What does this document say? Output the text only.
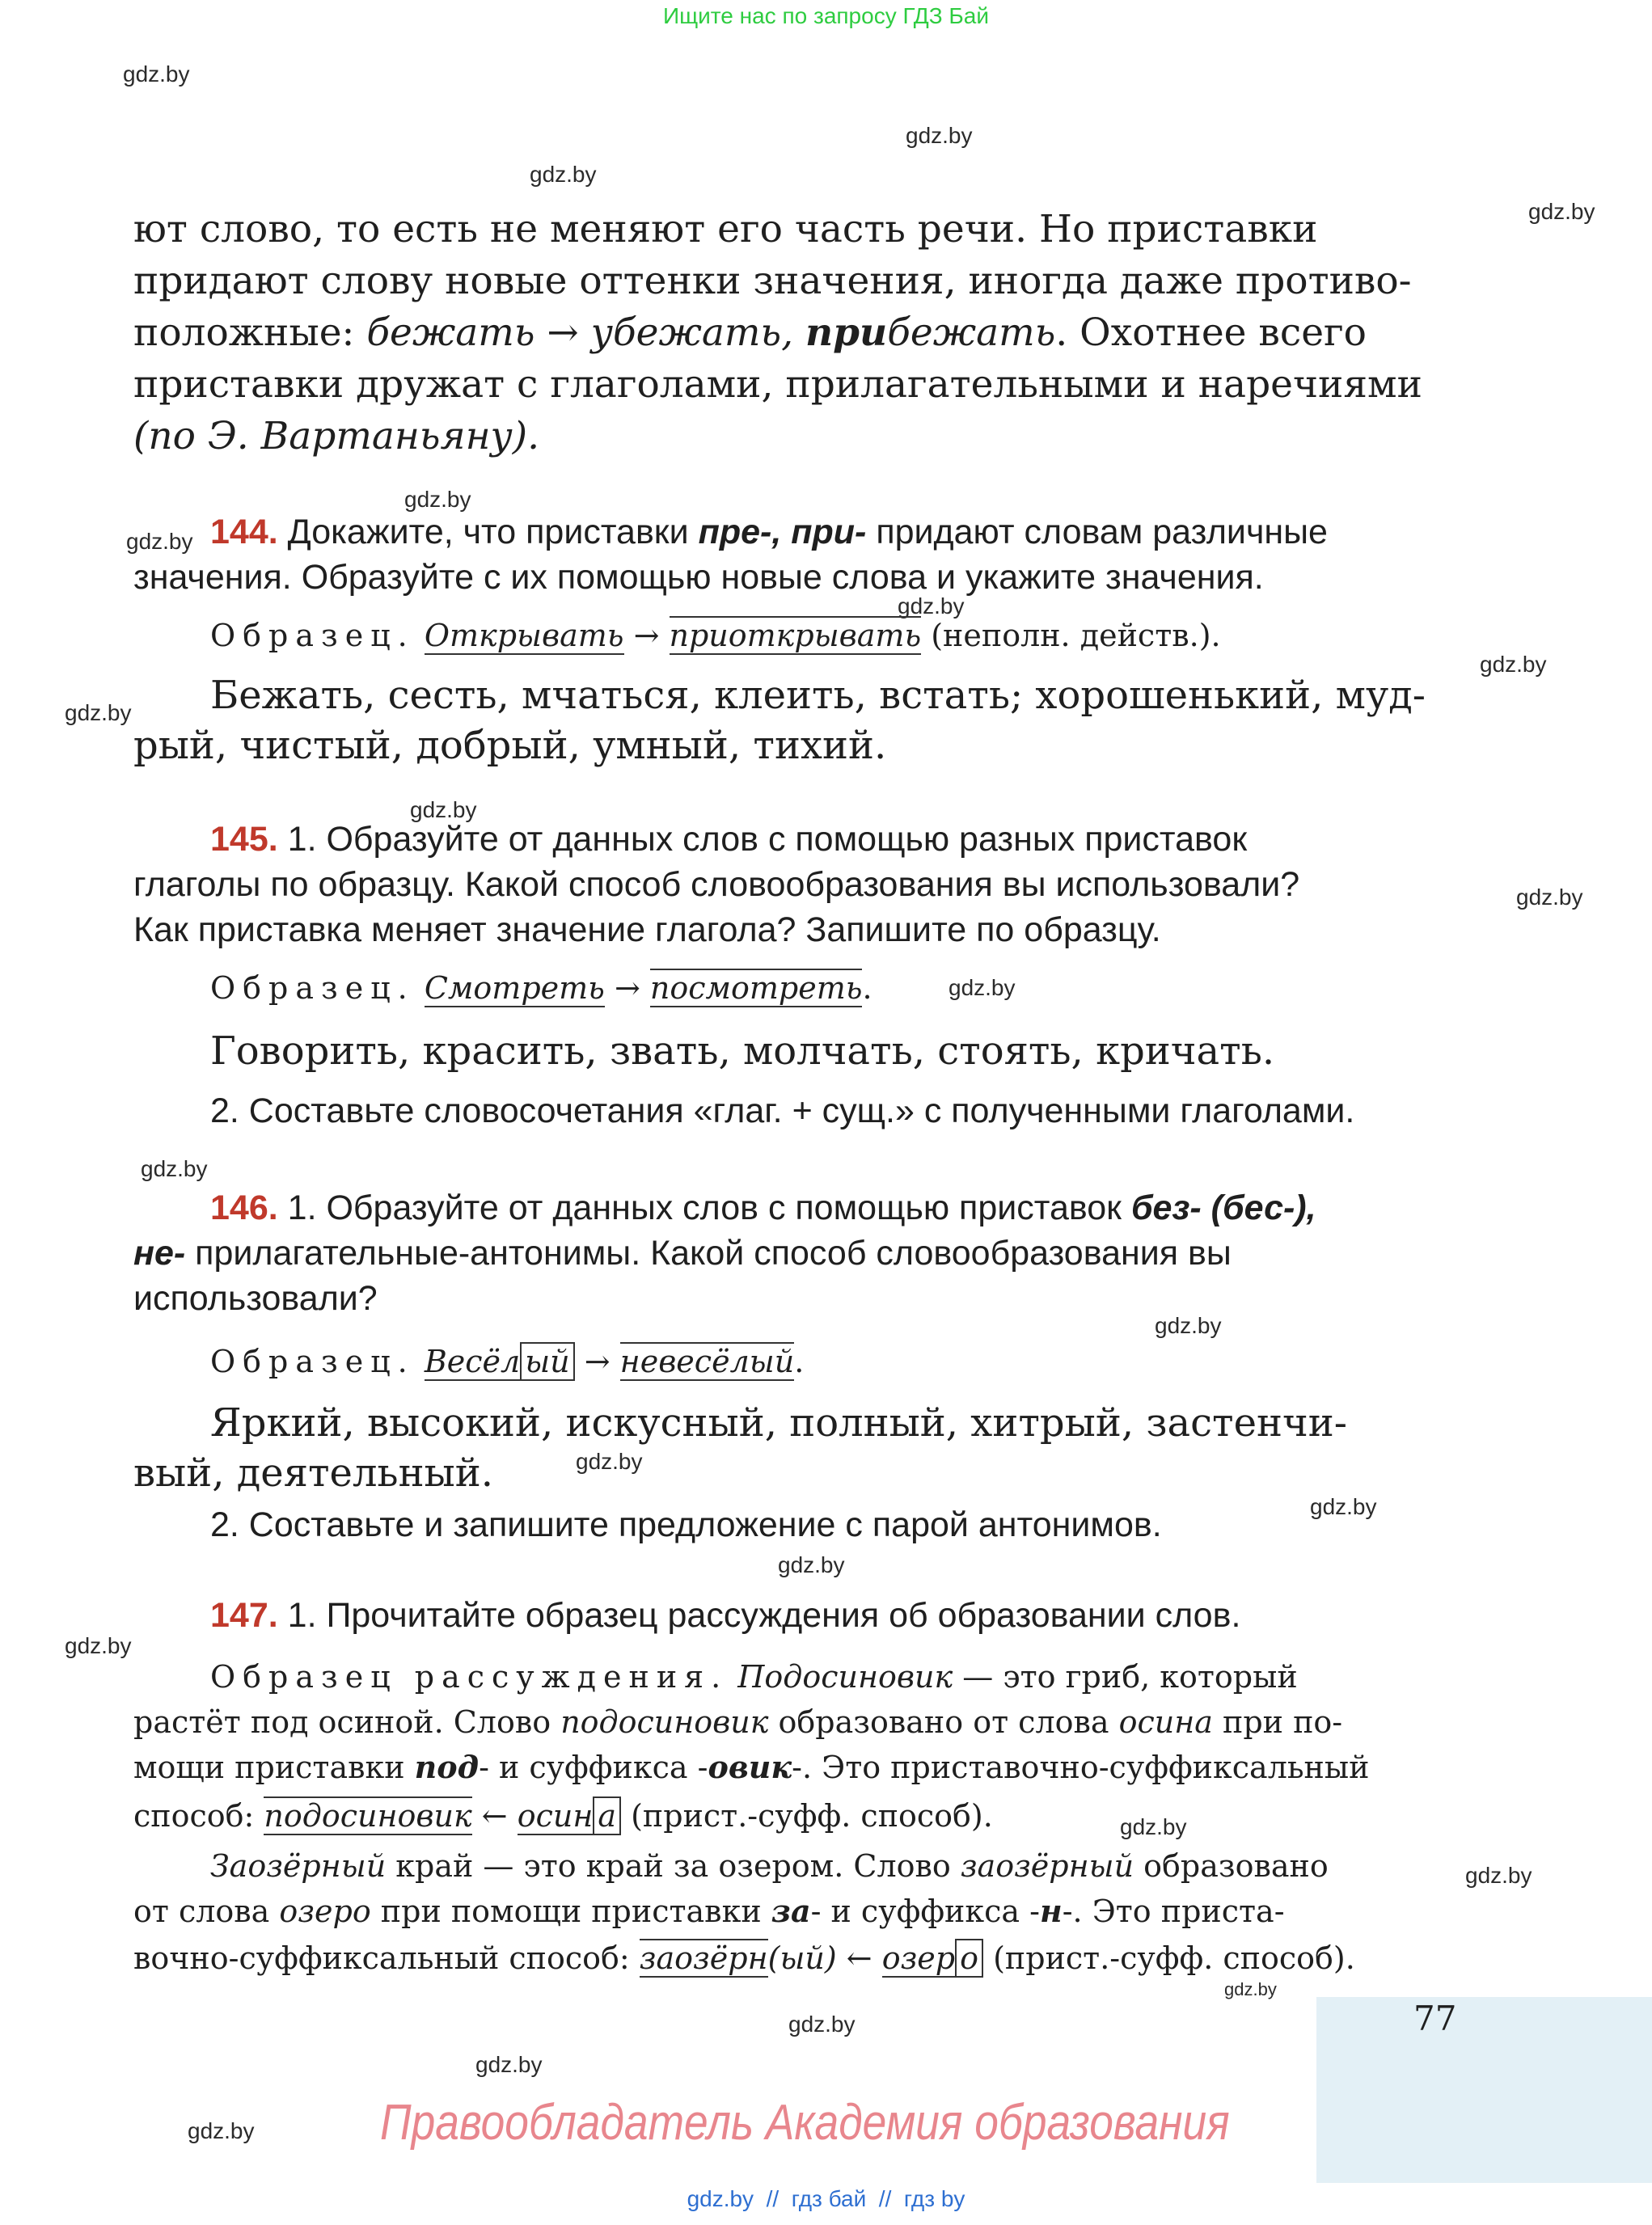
Ищите нас по запросу ГДЗ Бай
gdz.by
gdz.by
gdz.by
gdz.by
gdz.by
gdz.by
gdz.by
gdz.by
gdz.by
gdz.by
gdz.by
gdz.by
gdz.by
gdz.by
gdz.by
gdz.by
gdz.by
gdz.by
gdz.by
gdz.by
gdz.by
gdz.by
gdz.by
gdz.by
ют слово, то есть не меняют его часть речи. Но приставки
придают слову новые оттенки значения, иногда даже противо-
положные: бежать → убежать, прибежать. Охотнее всего
приставки дружат с глаголами, прилагательными и наречиями
(по Э. Вартаньяну).
144. Докажите, что приставки пре-, при- придают словам различные
значения. Образуйте с их помощью новые слова и укажите значения.
Образец. Открывать → приоткрывать (неполн. действ.).
Бежать, сесть, мчаться, клеить, встать; хорошенький, муд-
рый, чистый, добрый, умный, тихий.
145. 1. Образуйте от данных слов с помощью разных приставок
глаголы по образцу. Какой способ словообразования вы использовали?
Как приставка меняет значение глагола? Запишите по образцу.
Образец. Смотреть → посмотреть.
Говорить, красить, звать, молчать, стоять, кричать.
2. Составьте словосочетания «глаг. + сущ.» с полученными глаголами.
146. 1. Образуйте от данных слов с помощью приставок без- (бес-),
не- прилагательные-антонимы. Какой способ словообразования вы
использовали?
Образец. Весёл ый → невесёлый.
Яркий, высокий, искусный, полный, хитрый, застенчи-
вый, деятельный.
2. Составьте и запишите предложение с парой антонимов.
147. 1. Прочитайте образец рассуждения об образовании слов.
Образец рассуждения. Подосиновик — это гриб, который
растёт под осиной. Слово подосиновик образовано от слова осина при по-
мощи приставки под- и суффикса -овик-. Это приставочно-суффиксальный
способ: подосиновик ← осин а (прист.-суфф. способ).
Заозёрный край — это край за озером. Слово заозёрный образовано
от слова озеро при помощи приставки за- и суффикса -н-. Это приста-
вочно-суффиксальный способ: заозёрн(ый) ← озер о (прист.-суфф. способ).
77
Правообладатель Академия образования
gdz.by  //  гдз бай  //  гдз by
